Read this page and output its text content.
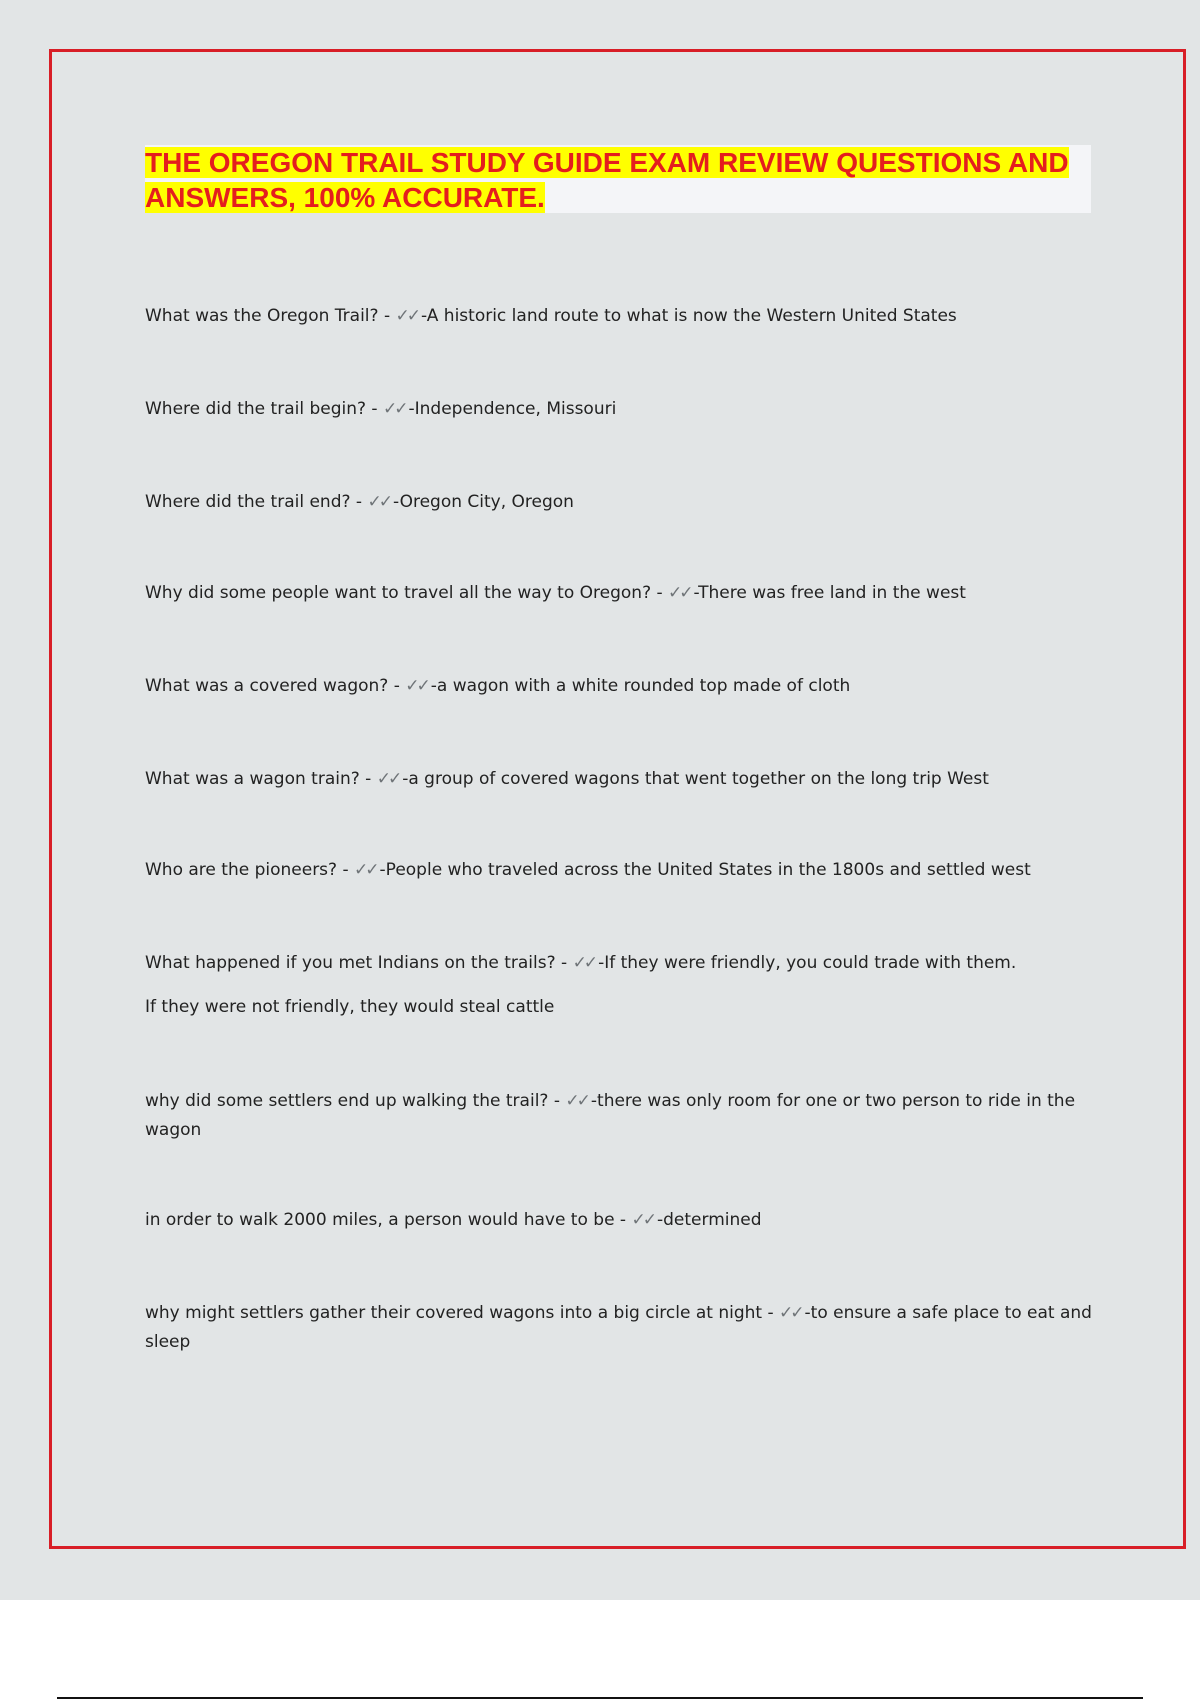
THE OREGON TRAIL STUDY GUIDE EXAM REVIEW QUESTIONS AND ANSWERS, 100% ACCURATE.

What was the Oregon Trail? - ✓✓ -A historic land route to what is now the Western United States

Where did the trail begin? - ✓✓ -Independence, Missouri

Where did the trail end? - ✓✓ -Oregon City, Oregon

Why did some people want to travel all the way to Oregon? - ✓✓ -There was free land in the west

What was a covered wagon? - ✓✓ -a wagon with a white rounded top made of cloth

What was a wagon train? - ✓✓ -a group of covered wagons that went together on the long trip West

Who are the pioneers? - ✓✓ -People who traveled across the United States in the 1800s and settled west

What happened if you met Indians on the trails? - ✓✓ -If they were friendly, you could trade with them.
If they were not friendly, they would steal cattle

why did some settlers end up walking the trail? - ✓✓ -there was only room for one or two person to ride in the wagon

in order to walk 2000 miles, a person would have to be - ✓✓ -determined

why might settlers gather their covered wagons into a big circle at night - ✓✓ -to ensure a safe place to eat and sleep
